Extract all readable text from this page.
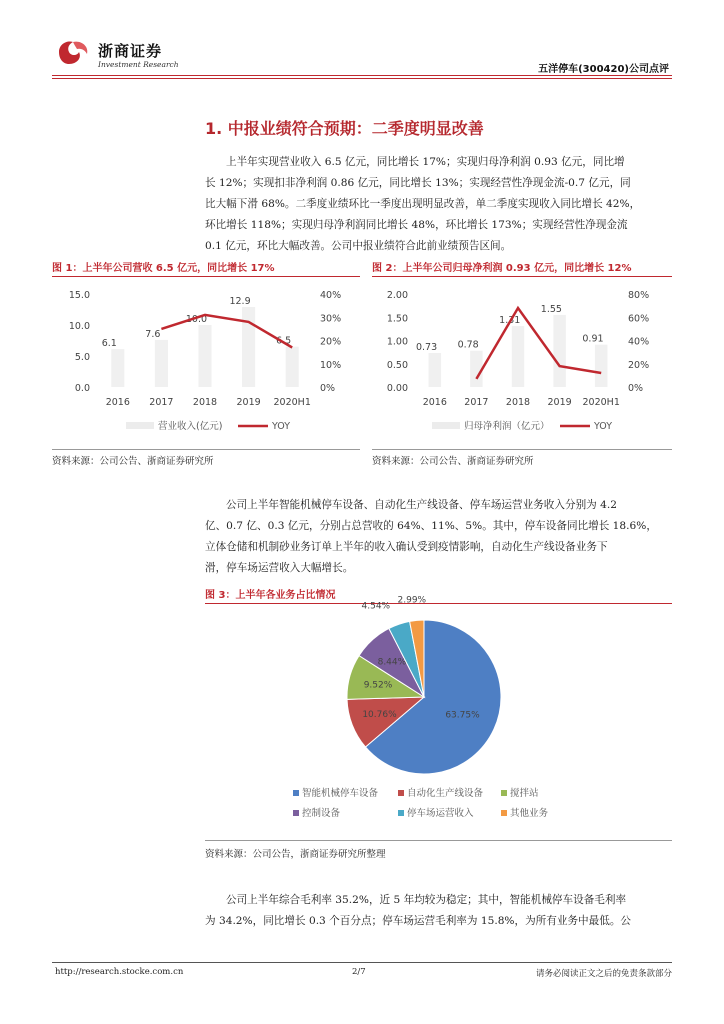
浙商证券
Investment Research	五洋停车(300420)公司点评
1. 中报业绩符合预期：二季度明显改善
上半年实现营业收入 6.5 亿元，同比增长 17%；实现归母净利润 0.93 亿元，同比增
长 12%；实现扣非净利润 0.86 亿元，同比增长 13%；实现经营性净现金流-0.7 亿元，同
比大幅下滑 68%。二季度业绩环比一季度出现明显改善，单二季度实现收入同比增长 42%，
环比增长 118%；实现归母净利润同比增长 48%，环比增长 173%；实现经营性净现金流
0.1 亿元，环比大幅改善。公司中报业绩符合此前业绩预告区间。
图 1：上半年公司营收 6.5 亿元，同比增长 17%	图 2：上半年公司归母净利润 0.93 亿元，同比增长 12%
0.0
5.0
10.0
15.0
0%
10%
20%
30%
40%
6.1
2016
7.6
2017
10.0
2018
12.9
2019
6.5
2020H1
营业收入(亿元)	YOY
0.00
0.50
1.00
1.50
2.00
0%
20%
40%
60%
80%
0.73
2016
0.78
2017
1.31
2018
1.55
2019
0.91
2020H1
归母净利润（亿元）	YOY
资料来源：公司公告、浙商证券研究所	资料来源：公司公告、浙商证券研究所
公司上半年智能机械停车设备、自动化生产线设备、停车场运营业务收入分别为 4.2
亿、0.7 亿、0.3 亿元，分别占总营收的 64%、11%、5%。其中，停车设备同比增长 18.6%，
立体仓储和机制砂业务订单上半年的收入确认受到疫情影响，自动化生产线设备业务下
滑，停车场运营收入大幅增长。
图 3：上半年各业务占比情况
63.75%
10.76%
9.52%
8.44%
4.54%
2.99%
智能机械停车设备	自动化生产线设备	搅拌站
控制设备	停车场运营收入	其他业务
资料来源：公司公告，浙商证券研究所整理
公司上半年综合毛利率 35.2%，近 5 年均较为稳定；其中，智能机械停车设备毛利率
为 34.2%，同比增长 0.3 个百分点；停车场运营毛利率为 15.8%，为所有业务中最低。公
http://research.stocke.com.cn	2/7	请务必阅读正文之后的免责条款部分
